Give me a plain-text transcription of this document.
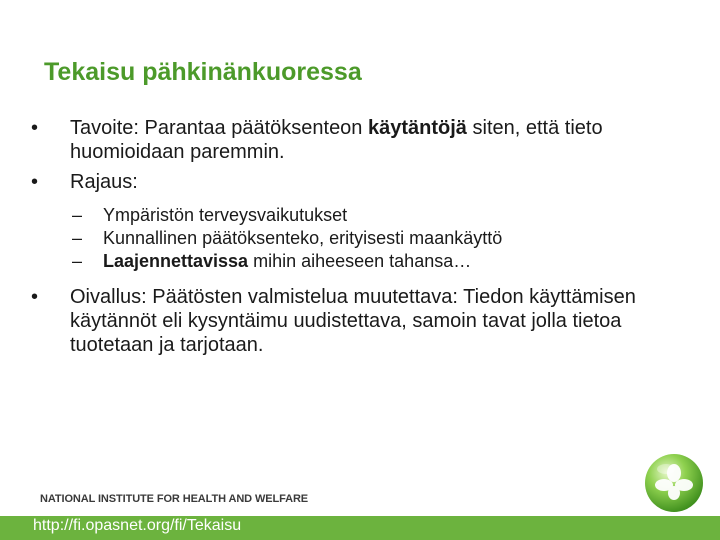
Tekaisu pähkinänkuoressa
• Tavoite: Parantaa päätöksenteon käytäntöjä siten, että tieto huomioidaan paremmin.
• Rajaus:
– Ympäristön terveysvaikutukset
– Kunnallinen päätöksenteko, erityisesti maankäyttö
– Laajennettavissa mihin aiheeseen tahansa…
• Oivallus: Päätösten valmistelua muutettava: Tiedon käyttämisen käytännöt eli kysyntäimu uudistettava, samoin tavat jolla tietoa tuotetaan ja tarjotaan.
NATIONAL INSTITUTE FOR HEALTH AND WELFARE
http://fi.opasnet.org/fi/Tekaisu
